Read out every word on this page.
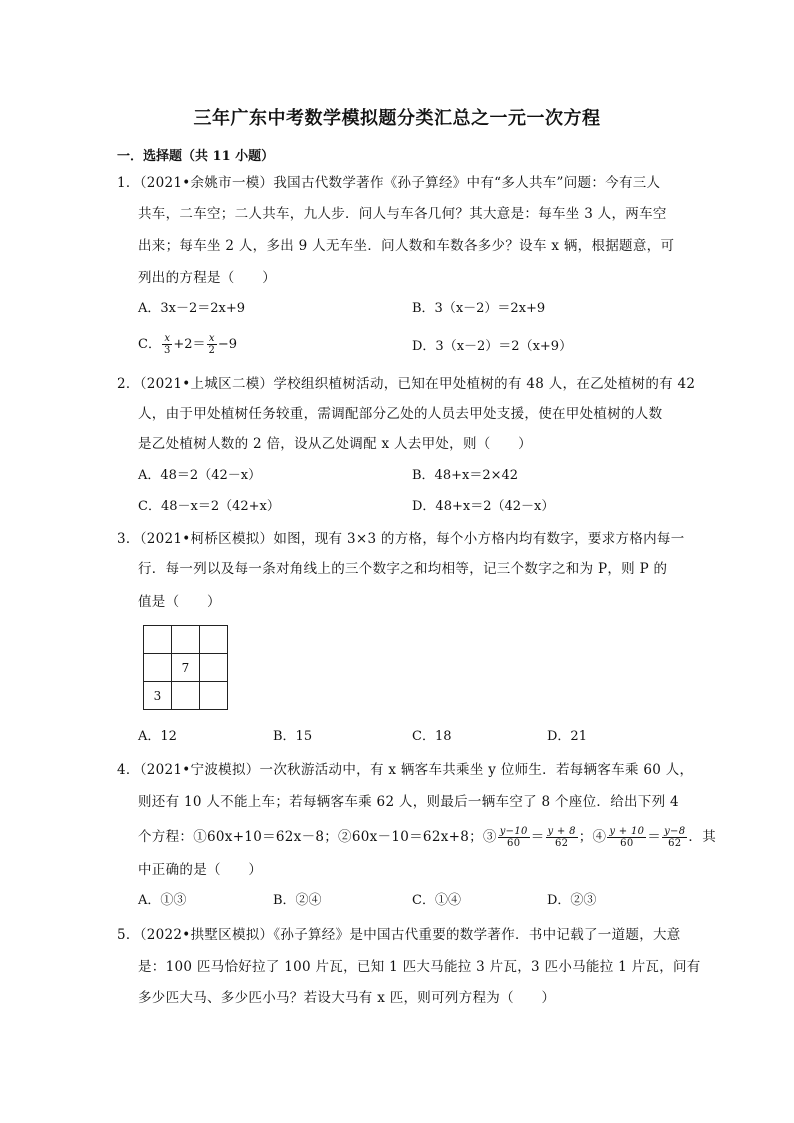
三年广东中考数学模拟题分类汇总之一元一次方程
一．选择题（共 11 小题）
1．（2021•余姚市一模）我国古代数学著作《孙子算经》中有“多人共车”问题：今有三人
共车，二车空；二人共车，九人步．问人与车各几何？其大意是：每车坐 3 人，两车空
出来；每车坐 2 人，多出 9 人无车坐．问人数和车数各多少？设车 x 辆，根据题意，可
列出的方程是（　　）
A．3x－2＝2x+9	B．3（x－2）＝2x+9
C． $\frac{x}{3} +2= \frac{x}{2} -9$	D．3（x－2）＝2（x+9）
2．（2021•上城区二模）学校组织植树活动，已知在甲处植树的有 48 人，在乙处植树的有 42
人，由于甲处植树任务较重，需调配部分乙处的人员去甲处支援，使在甲处植树的人数
是乙处植树人数的 2 倍，设从乙处调配 x 人去甲处，则（　　）
A．48＝2（42－x）	B．48+x＝2×42
C．48－x＝2（42+x）	D．48+x＝2（42－x）
3．（2021•柯桥区模拟）如图，现有 3×3 的方格，每个小方格内均有数字，要求方格内每一
行．每一列以及每一条对角线上的三个数字之和均相等，记三个数字之和为 P，则 P 的
值是（　　）

	7	
3		
A．12	B．15	C．18	D．21
4．（2021•宁波模拟）一次秋游活动中，有 x 辆客车共乘坐 y 位师生．若每辆客车乘 60 人，
则还有 10 人不能上车；若每辆客车乘 62 人，则最后一辆车空了 8 个座位．给出下列 4
个方程：①60x+10＝62x－8；②60x－10＝62x+8；③ $\frac{y-10}{60} = \frac{y + 8}{62}$ ；④ $\frac{y + 10}{60} = \frac{y-8}{62}$ ．其
中正确的是（　　）
A．①③	B．②④	C．①④	D．②③
5．（2022•拱墅区模拟）《孙子算经》是中国古代重要的数学著作．书中记载了一道题，大意
是：100 匹马恰好拉了 100 片瓦，已知 1 匹大马能拉 3 片瓦，3 匹小马能拉 1 片瓦，问有
多少匹大马、多少匹小马？若设大马有 x 匹，则可列方程为（　　）
